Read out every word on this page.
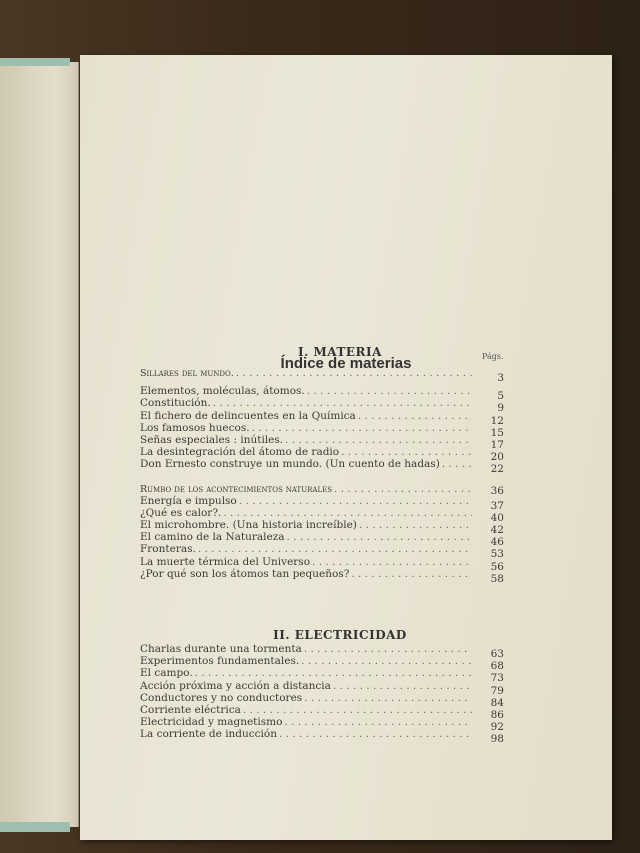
Índice de materias
I. MATERIA	Págs.
Sillares del mundo. . . .	3
Elementos, moléculas, átomos. . . .	5
Constitución. . . .	9
El fichero de delincuentes en la Química . . .	12
Los famosos huecos. . . .	15
Señas especiales : inútiles. . . .	17
La desintegración del átomo de radio . . .	20
Don Ernesto construye un mundo. (Un cuento de hadas) . . .	22
Rumbo de los acontecimientos naturales . . .	36
Energía e impulso . . .	37
¿Qué es calor?. . . .	40
El microhombre. (Una historia increíble) . . .	42
El camino de la Naturaleza . . .	46
Fronteras. . . .	53
La muerte térmica del Universo . . .	56
¿Por qué son los átomos tan pequeños? . . .	58
II. ELECTRICIDAD
Charlas durante una tormenta . . .	63
Experimentos fundamentales. . . .	68
El campo. . . .	73
Acción próxima y acción a distancia . . .	79
Conductores y no conductores . . .	84
Corriente eléctrica . . .	86
Electricidad y magnetismo . . .	92
La corriente de inducción . . .	98
